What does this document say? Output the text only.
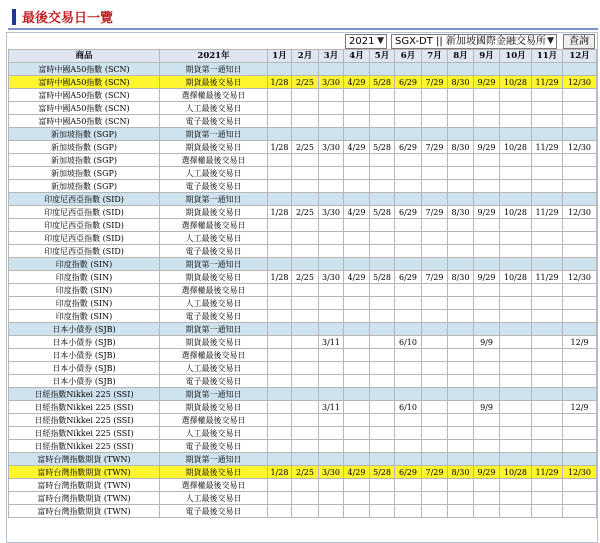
最後交易日一覽
2021 ▼	SGX-DT || 新加坡國際金融交易所 ▼	查詢
商品	2021年	1月	2月	3月	4月	5月	6月	7月	8月	9月	10月	11月	12月
富時中國A50指數 (SCN)	期貨第一通知日												
富時中國A50指數 (SCN)	期貨最後交易日	1/28	2/25	3/30	4/29	5/28	6/29	7/29	8/30	9/29	10/28	11/29	12/30
富時中國A50指數 (SCN)	選擇權最後交易日												
富時中國A50指數 (SCN)	人工最後交易日												
富時中國A50指數 (SCN)	電子最後交易日												
新加坡指數 (SGP)	期貨第一通知日												
新加坡指數 (SGP)	期貨最後交易日	1/28	2/25	3/30	4/29	5/28	6/29	7/29	8/30	9/29	10/28	11/29	12/30
新加坡指數 (SGP)	選擇權最後交易日												
新加坡指數 (SGP)	人工最後交易日												
新加坡指數 (SGP)	電子最後交易日												
印度尼西亞指數 (SID)	期貨第一通知日												
印度尼西亞指數 (SID)	期貨最後交易日	1/28	2/25	3/30	4/29	5/28	6/29	7/29	8/30	9/29	10/28	11/29	12/30
印度尼西亞指數 (SID)	選擇權最後交易日												
印度尼西亞指數 (SID)	人工最後交易日												
印度尼西亞指數 (SID)	電子最後交易日												
印度指數 (SIN)	期貨第一通知日												
印度指數 (SIN)	期貨最後交易日	1/28	2/25	3/30	4/29	5/28	6/29	7/29	8/30	9/29	10/28	11/29	12/30
印度指數 (SIN)	選擇權最後交易日												
印度指數 (SIN)	人工最後交易日												
印度指數 (SIN)	電子最後交易日												
日本小債券 (SJB)	期貨第一通知日												
日本小債券 (SJB)	期貨最後交易日			3/11			6/10			9/9			12/9
日本小債券 (SJB)	選擇權最後交易日												
日本小債券 (SJB)	人工最後交易日												
日本小債券 (SJB)	電子最後交易日												
日經指數Nikkei 225 (SSI)	期貨第一通知日												
日經指數Nikkei 225 (SSI)	期貨最後交易日			3/11			6/10			9/9			12/9
日經指數Nikkei 225 (SSI)	選擇權最後交易日												
日經指數Nikkei 225 (SSI)	人工最後交易日												
日經指數Nikkei 225 (SSI)	電子最後交易日												
富時台灣指數期貨 (TWN)	期貨第一通知日												
富時台灣指數期貨 (TWN)	期貨最後交易日	1/28	2/25	3/30	4/29	5/28	6/29	7/29	8/30	9/29	10/28	11/29	12/30
富時台灣指數期貨 (TWN)	選擇權最後交易日												
富時台灣指數期貨 (TWN)	人工最後交易日												
富時台灣指數期貨 (TWN)	電子最後交易日												
